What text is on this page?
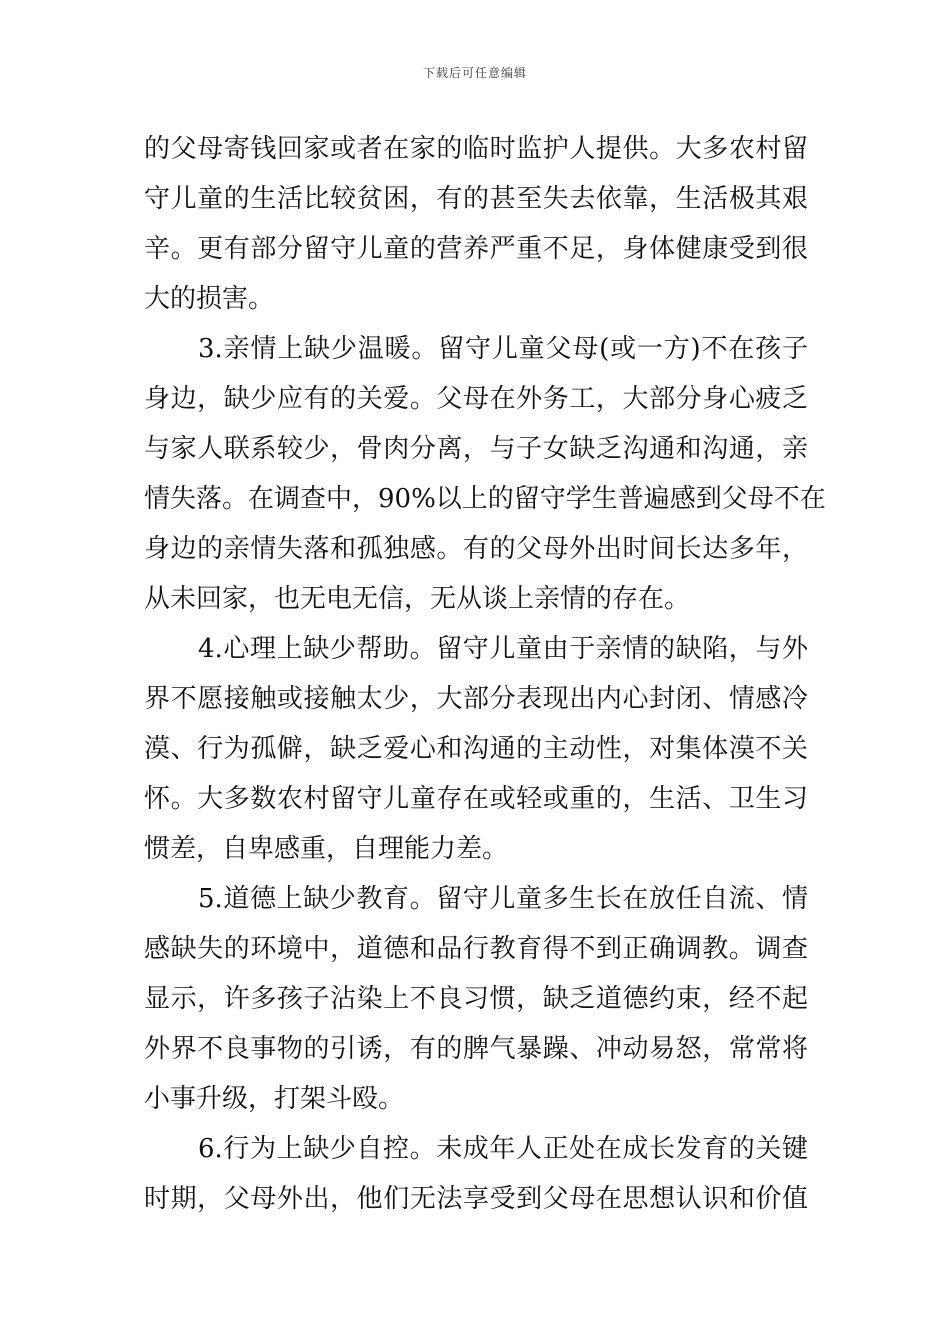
下载后可任意编辑
的父母寄钱回家或者在家的临时监护人提供。大多农村留
守儿童的生活比较贫困，有的甚至失去依靠，生活极其艰
辛。更有部分留守儿童的营养严重不足，身体健康受到很
大的损害。
3.亲情上缺少温暖。留守儿童父母(或一方)不在孩子
身边，缺少应有的关爱。父母在外务工，大部分身心疲乏
与家人联系较少，骨肉分离，与子女缺乏沟通和沟通，亲
情失落。在调查中，90%以上的留守学生普遍感到父母不在
身边的亲情失落和孤独感。有的父母外出时间长达多年，
从未回家，也无电无信，无从谈上亲情的存在。
4.心理上缺少帮助。留守儿童由于亲情的缺陷，与外
界不愿接触或接触太少，大部分表现出内心封闭、情感冷
漠、行为孤僻，缺乏爱心和沟通的主动性，对集体漠不关
怀。大多数农村留守儿童存在或轻或重的，生活、卫生习
惯差，自卑感重，自理能力差。
5.道德上缺少教育。留守儿童多生长在放任自流、情
感缺失的环境中，道德和品行教育得不到正确调教。调查
显示，许多孩子沾染上不良习惯，缺乏道德约束，经不起
外界不良事物的引诱，有的脾气暴躁、冲动易怒，常常将
小事升级，打架斗殴。
6.行为上缺少自控。未成年人正处在成长发育的关键
时期，父母外出，他们无法享受到父母在思想认识和价值
